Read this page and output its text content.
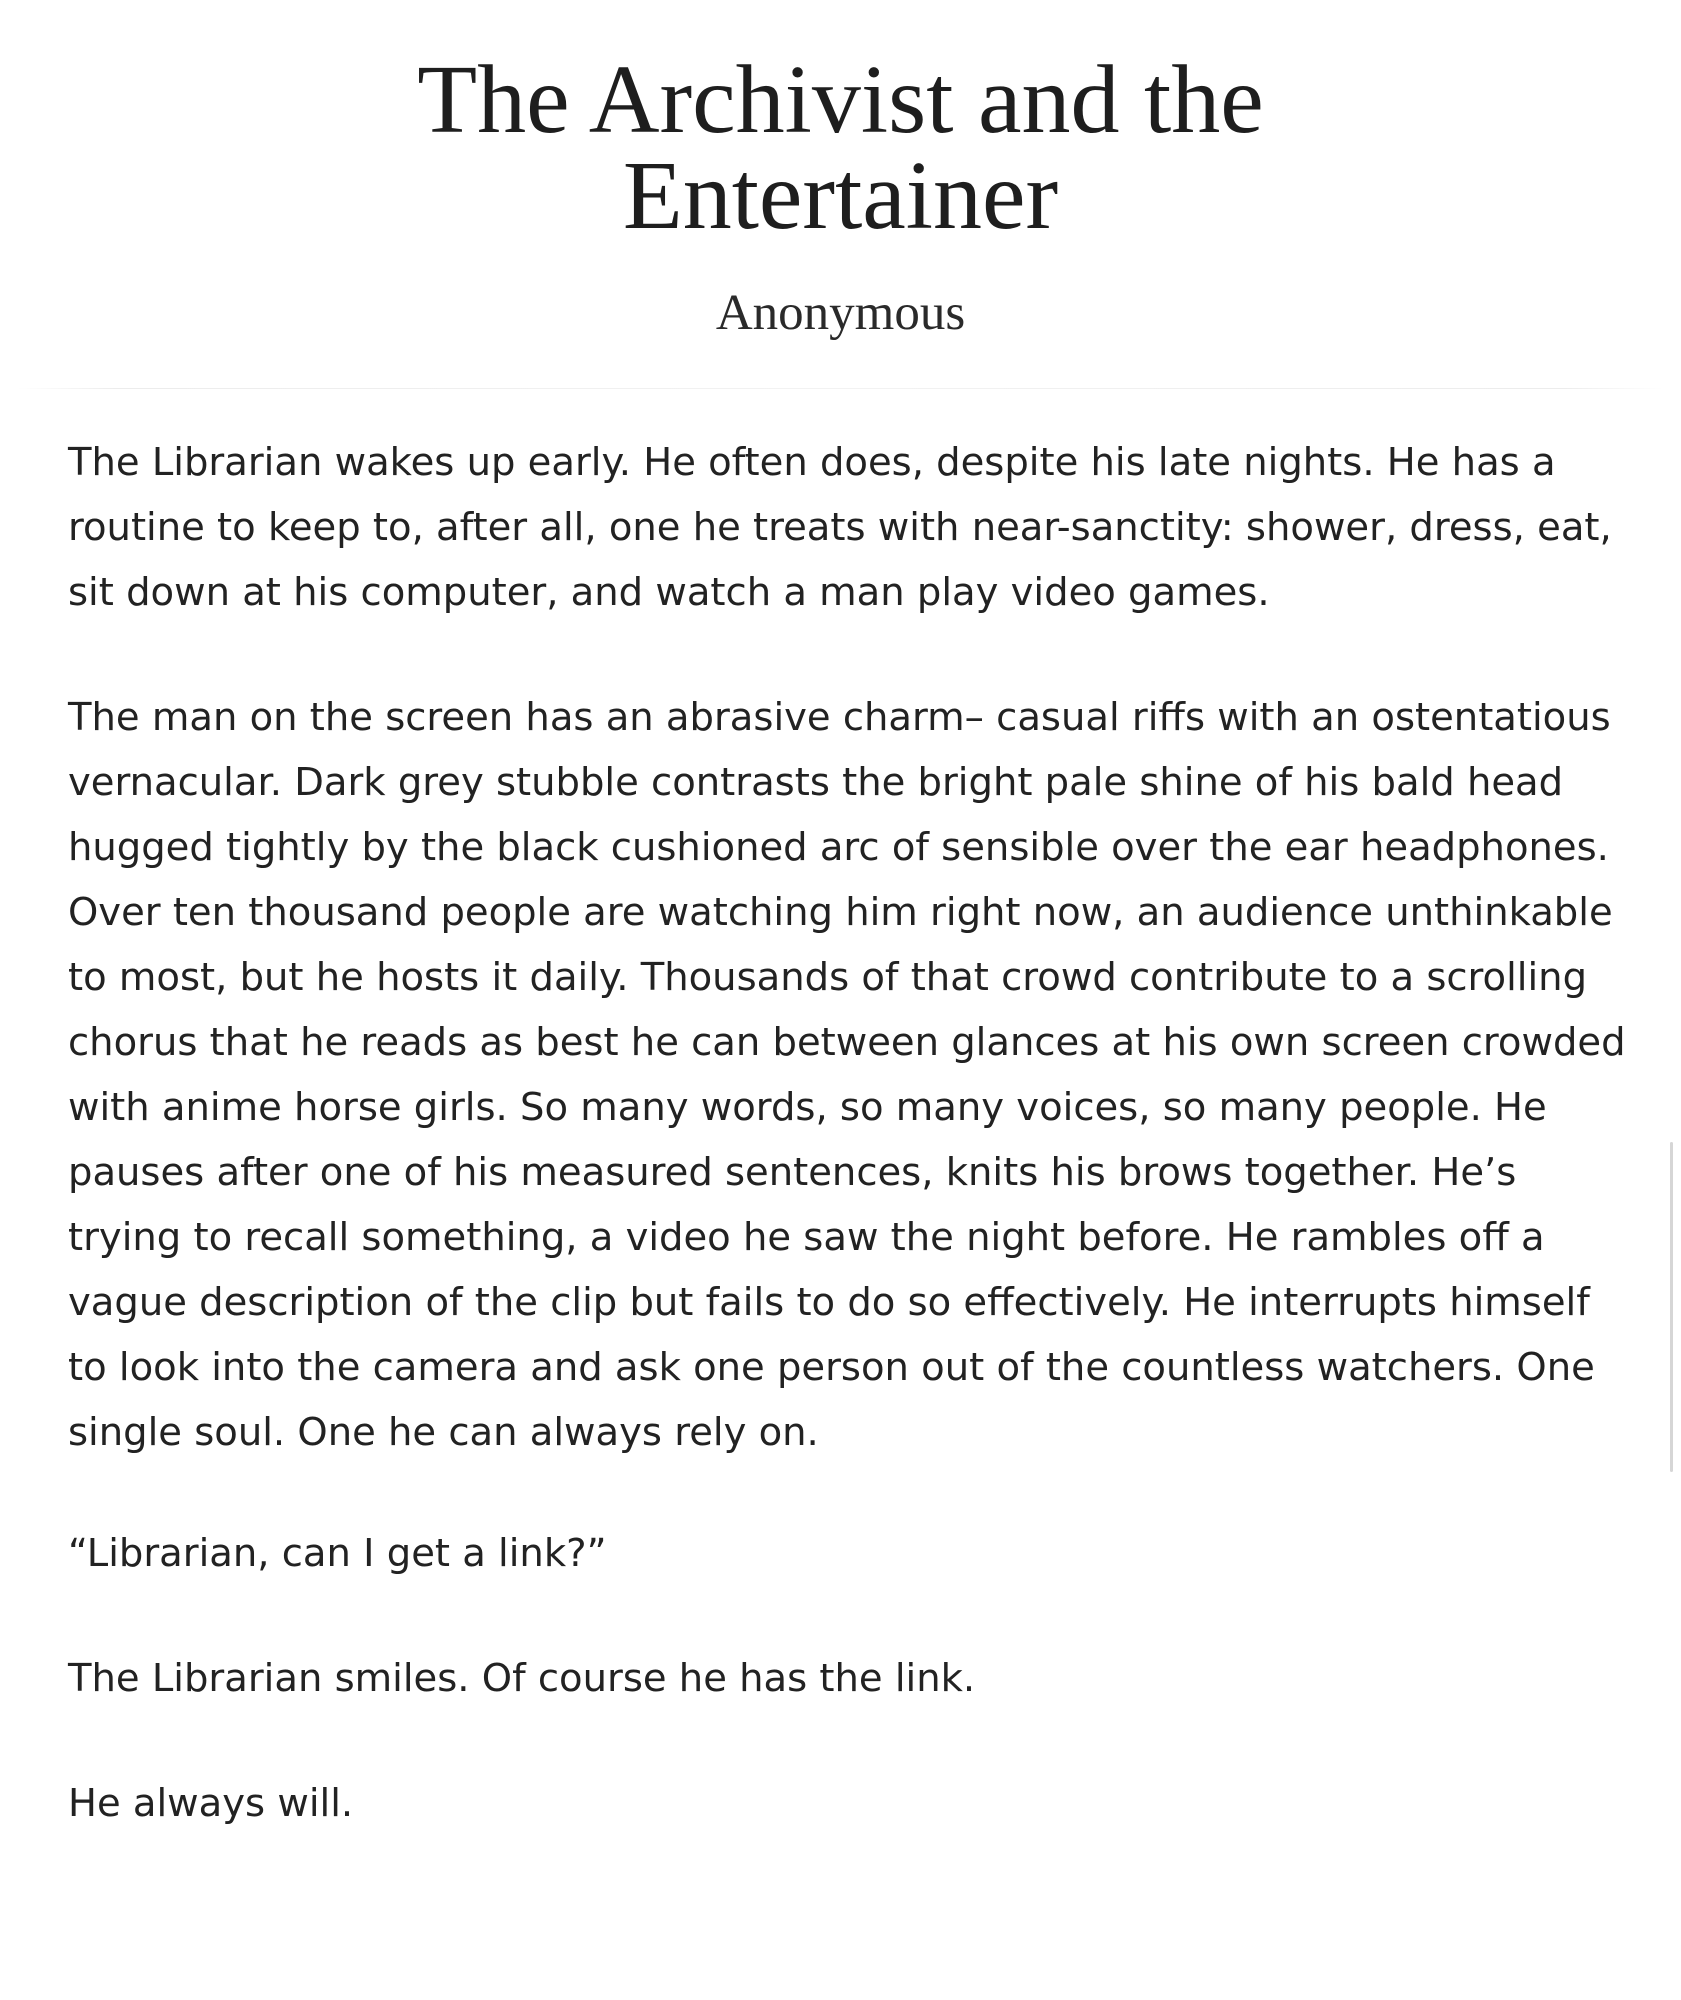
The Archivist and the
Entertainer
Anonymous

The Librarian wakes up early. He often does, despite his late nights. He has a routine to keep to, after all, one he treats with near-sanctity: shower, dress, eat, sit down at his computer, and watch a man play video games.

The man on the screen has an abrasive charm– casual riffs with an ostentatious vernacular. Dark grey stubble contrasts the bright pale shine of his bald head hugged tightly by the black cushioned arc of sensible over the ear headphones. Over ten thousand people are watching him right now, an audience unthinkable to most, but he hosts it daily. Thousands of that crowd contribute to a scrolling chorus that he reads as best he can between glances at his own screen crowded with anime horse girls. So many words, so many voices, so many people. He pauses after one of his measured sentences, knits his brows together. He’s trying to recall something, a video he saw the night before. He rambles off a vague description of the clip but fails to do so effectively. He interrupts himself to look into the camera and ask one person out of the countless watchers. One single soul. One he can always rely on.

“Librarian, can I get a link?”

The Librarian smiles. Of course he has the link.

He always will.
